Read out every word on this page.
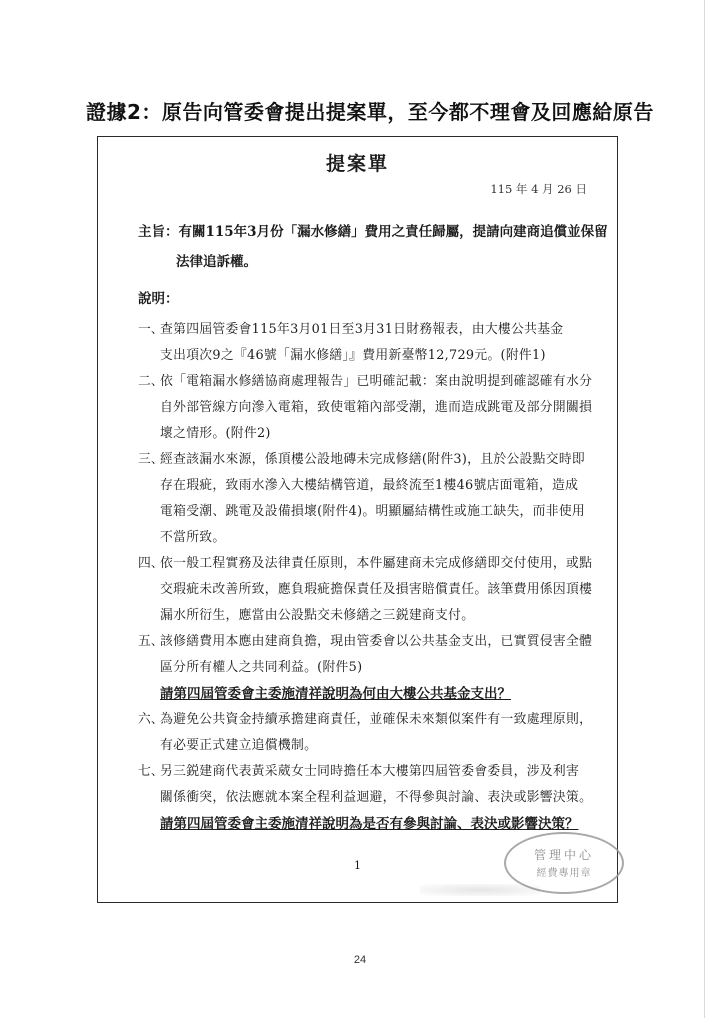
證據2：原告向管委會提出提案單，至今都不理會及回應給原告
提案單
115 年 4 月 26 日
主旨：有關115年3月份「漏水修繕」費用之責任歸屬，提請向建商追償並保留
法律追訴權。
說明：
一、
查第四屆管委會115年3月01日至3月31日財務報表，由大樓公共基金
支出項次9之『46號「漏水修繕」』費用新臺幣12,729元。(附件1)
二、
依「電箱漏水修繕協商處理報告」已明確記載：案由說明提到確認確有水分
自外部管線方向滲入電箱，致使電箱內部受潮，進而造成跳電及部分開關損
壞之情形。(附件2)
三、
經查該漏水來源，係頂樓公設地磚未完成修繕(附件3)，且於公設點交時即
存在瑕疵，致雨水滲入大樓結構管道，最終流至1樓46號店面電箱，造成
電箱受潮、跳電及設備損壞(附件4)。明顯屬結構性或施工缺失，而非使用
不當所致。
四、
依一般工程實務及法律責任原則，本件屬建商未完成修繕即交付使用，或點
交瑕疵未改善所致，應負瑕疵擔保責任及損害賠償責任。該筆費用係因頂樓
漏水所衍生，應當由公設點交未修繕之三鋭建商支付。
五、
該修繕費用本應由建商負擔，現由管委會以公共基金支出，已實質侵害全體
區分所有權人之共同利益。(附件5)
請第四屆管委會主委施清祥說明為何由大樓公共基金支出？
六、
為避免公共資金持續承擔建商責任，並確保未來類似案件有一致處理原則，
有必要正式建立追償機制。
七、
另三鋭建商代表黃采葳女士同時擔任本大樓第四屆管委會委員，涉及利害
關係衝突，依法應就本案全程利益迴避，不得參與討論、表決或影響決策。
請第四屆管委會主委施清祥說明為是否有參與討論、表決或影響決策？
1
管理中心
經費專用章
24
